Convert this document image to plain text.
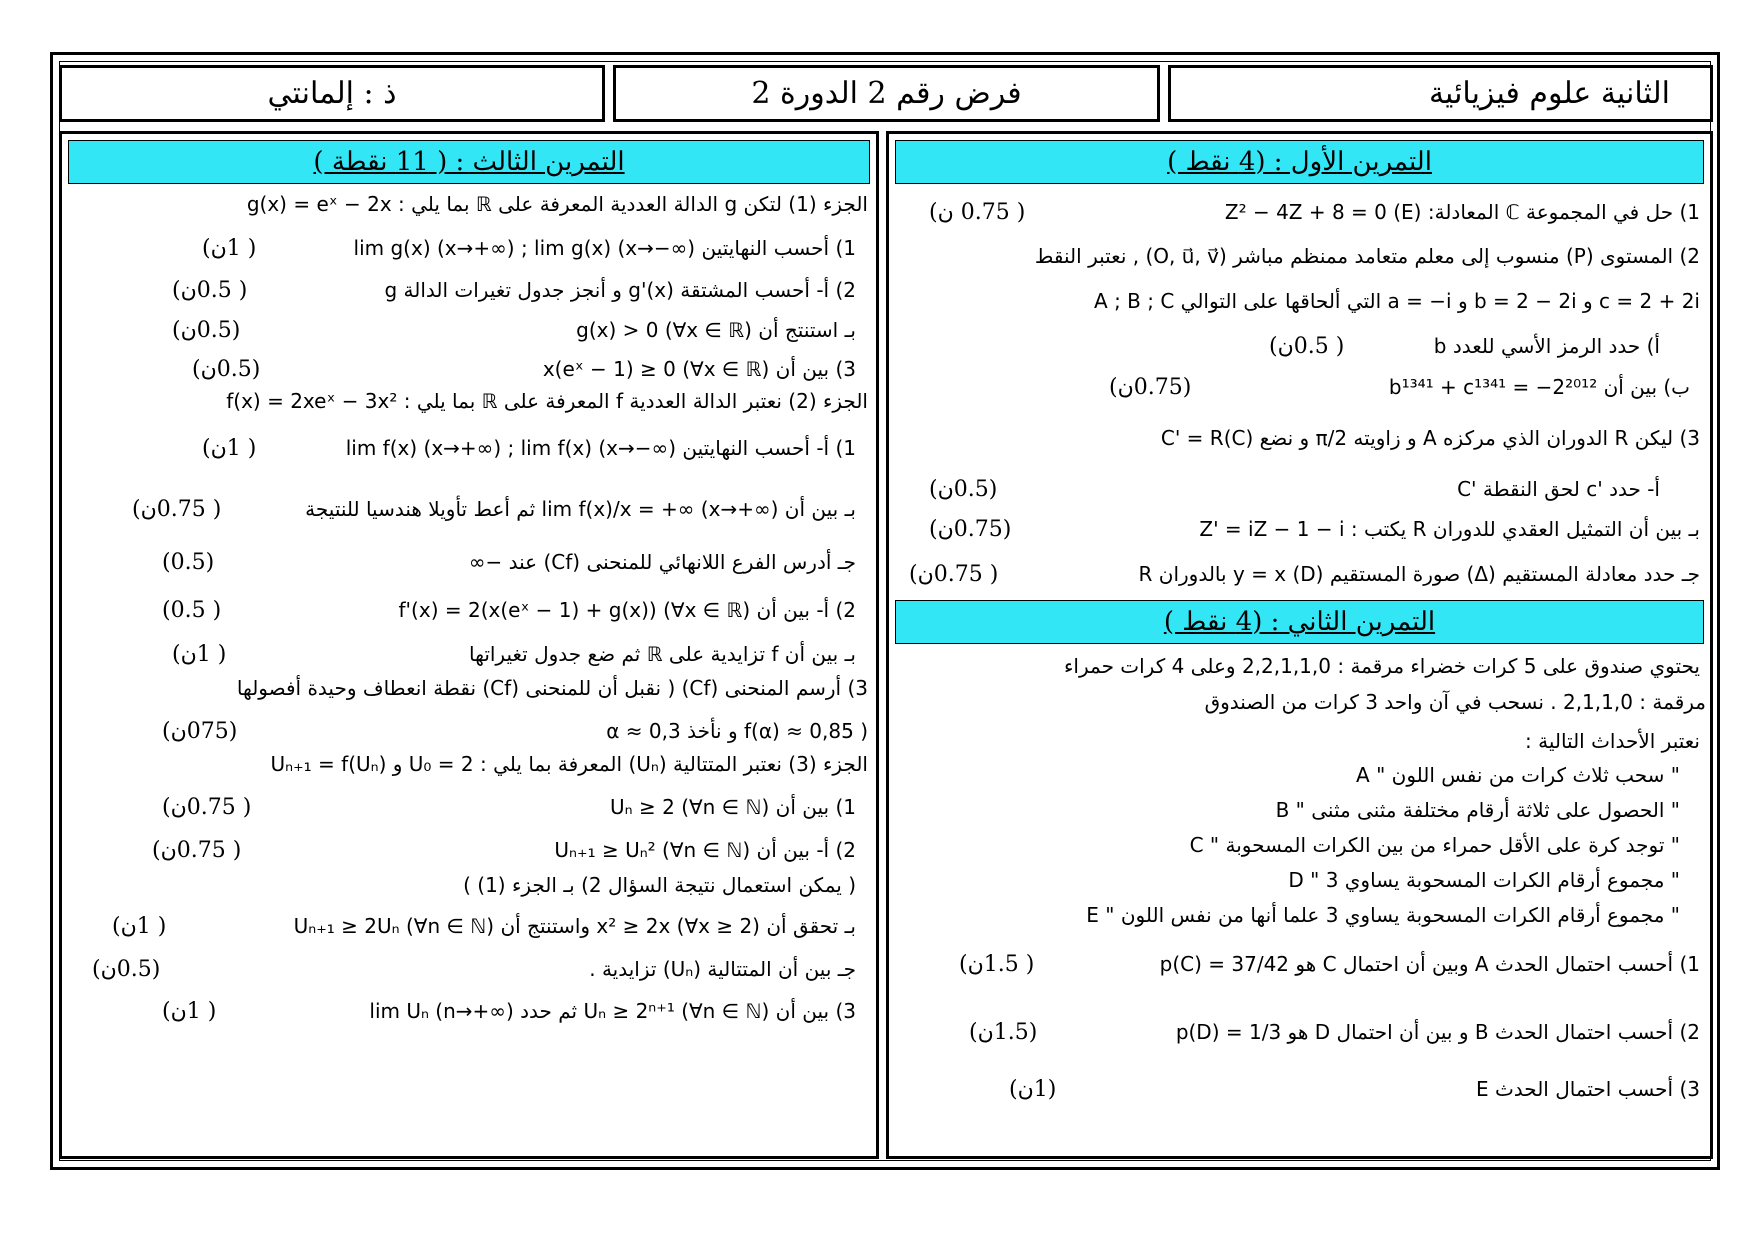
ذ : إلمانتي	فرض رقم 2 الدورة 2	الثانية علوم فيزيائية
التمرين الأول : (4 نقط )
1) حل في المجموعة ℂ المعادلة: Z² − 4Z + 8 = 0 (E)
( 0.75 ن)
2) المستوى (P) منسوب إلى معلم متعامد ممنظم مباشر (O, u⃗, v⃗) , نعتبر النقط
A ; B ; C التي ألحاقها على التوالي a = −i و b = 2 − 2i و c = 2 + 2i
أ) حدد الرمز الأسي للعدد b
( 0.5ن)
ب) بين أن b¹³⁴¹ + c¹³⁴¹ = −2²⁰¹²
(0.75ن)
3) ليكن R الدوران الذي مركزه A و زاويته π/2 و نضع C' = R(C)
أ- حدد 'c لحق النقطة 'C
(0.5ن)
بـ بين أن التمثيل العقدي للدوران R يكتب : Z' = iZ − 1 − i
(0.75ن)
جـ حدد معادلة المستقيم (Δ) صورة المستقيم (D) y = x بالدوران R
( 0.75ن)
التمرين الثاني : (4 نقط )
يحتوي صندوق على 5 كرات خضراء مرقمة : 2,2,1,1,0 وعلى 4 كرات حمراء
مرقمة : 2,1,1,0 . نسحب في آن واحد 3 كرات من الصندوق
نعتبر الأحداث التالية :
A " سحب ثلاث كرات من نفس اللون "
B " الحصول على ثلاثة أرقام مختلفة مثنى مثنى "
C " توجد كرة على الأقل حمراء من بين الكرات المسحوبة "
D " مجموع أرقام الكرات المسحوبة يساوي 3 "
E " مجموع أرقام الكرات المسحوبة يساوي 3 علما أنها من نفس اللون "
1) أحسب احتمال الحدث A وبين أن احتمال C هو p(C) = 37/42
( 1.5ن)
2) أحسب احتمال الحدث B و بين أن احتمال D هو p(D) = 1/3
(1.5ن)
3) أحسب احتمال الحدث E
(1ن)
التمرين الثالث : ( 11 نقطة )
الجزء (1) لتكن g الدالة العددية المعرفة على ℝ بما يلي : g(x) = eˣ − 2x
1) أحسب النهايتين lim g(x) (x→+∞) ; lim g(x) (x→−∞)
( 1ن)
2) أ- أحسب المشتقة g'(x) و أنجز جدول تغيرات الدالة g
( 0.5ن)
بـ استنتج أن g(x) > 0 (∀x ∈ ℝ)
(0.5ن)
3) بين أن x(eˣ − 1) ≥ 0 (∀x ∈ ℝ)
(0.5ن)
الجزء (2) نعتبر الدالة العددية f المعرفة على ℝ بما يلي : f(x) = 2xeˣ − 3x²
1) أ- أحسب النهايتين lim f(x) (x→+∞) ; lim f(x) (x→−∞)
( 1ن)
بـ بين أن lim f(x)/x = +∞ (x→+∞) ثم أعط تأويلا هندسيا للنتيجة
( 0.75ن)
جـ أدرس الفرع اللانهائي للمنحنى (Cf) عند −∞
(0.5)
2) أ- بين أن f'(x) = 2(x(eˣ − 1) + g(x)) (∀x ∈ ℝ)
( 0.5)
بـ بين أن f تزايدية على ℝ ثم ضع جدول تغيراتها
( 1ن)
3) أرسم المنحنى (Cf) ( نقبل أن للمنحنى (Cf) نقطة انعطاف وحيدة أفصولها
α ≈ 0,3 و نأخذ f(α) ≈ 0,85 )
(075ن)
الجزء (3) نعتبر المتتالية (Uₙ) المعرفة بما يلي : U₀ = 2 و Uₙ₊₁ = f(Uₙ)
1) بين أن Uₙ ≥ 2 (∀n ∈ ℕ)
( 0.75ن)
2) أ- بين أن Uₙ₊₁ ≥ Uₙ² (∀n ∈ ℕ)
( 0.75ن)
( يمكن استعمال نتيجة السؤال 2) بـ الجزء (1) )
بـ تحقق أن x² ≥ 2x (∀x ≥ 2) واستنتج أن Uₙ₊₁ ≥ 2Uₙ (∀n ∈ ℕ)
( 1ن)
جـ بين أن المتتالية (Uₙ) تزايدية .
(0.5ن)
3) بين أن Uₙ ≥ 2ⁿ⁺¹ (∀n ∈ ℕ) ثم حدد lim Uₙ (n→+∞)
( 1ن)
